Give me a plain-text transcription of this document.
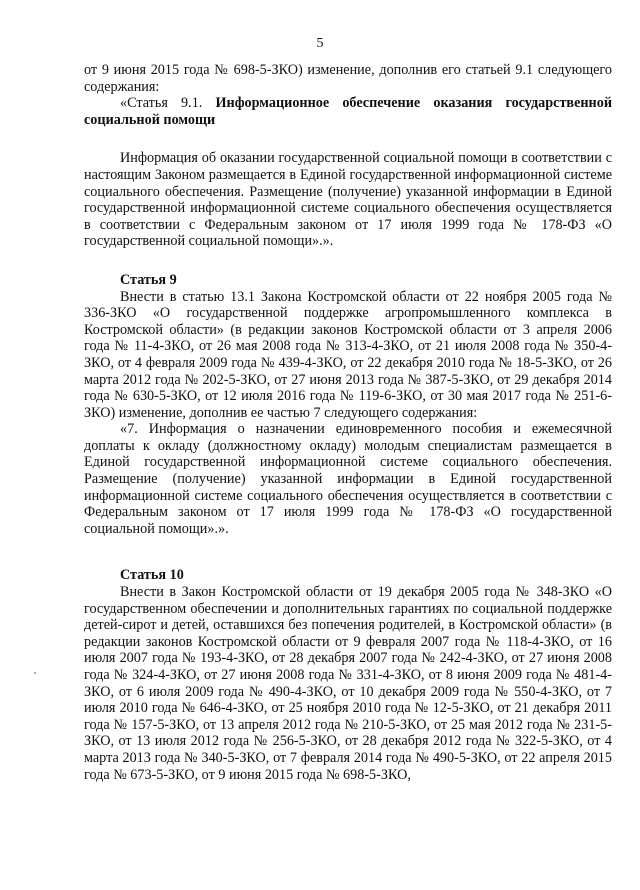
5

от 9 июня 2015 года № 698-5-ЗКО) изменение, дополнив его статьей 9.1 следующего содержания:

«Статья 9.1. Информационное обеспечение оказания государственной социальной помощи

Информация об оказании государственной социальной помощи в соответствии с настоящим Законом размещается в Единой государственной информационной системе социального обеспечения. Размещение (получение) указанной информации в Единой государственной информационной системе социального обеспечения осуществляется в соответствии с Федеральным законом от 17 июля 1999 года № 178-ФЗ «О государственной социальной помощи».».

Статья 9

Внести в статью 13.1 Закона Костромской области от 22 ноября 2005 года № 336-ЗКО «О государственной поддержке агропромышленного комплекса в Костромской области» (в редакции законов Костромской области от 3 апреля 2006 года № 11-4-ЗКО, от 26 мая 2008 года № 313-4-ЗКО, от 21 июля 2008 года № 350-4-ЗКО, от 4 февраля 2009 года № 439-4-ЗКО, от 22 декабря 2010 года № 18-5-ЗКО, от 26 марта 2012 года № 202-5-ЗКО, от 27 июня 2013 года № 387-5-ЗКО, от 29 декабря 2014 года № 630-5-ЗКО, от 12 июля 2016 года № 119-6-ЗКО, от 30 мая 2017 года № 251-6-ЗКО) изменение, дополнив ее частью 7 следующего содержания:

«7. Информация о назначении единовременного пособия и ежемесячной доплаты к окладу (должностному окладу) молодым специалистам размещается в Единой государственной информационной системе социального обеспечения. Размещение (получение) указанной информации в Единой государственной информационной системе социального обеспечения осуществляется в соответствии с Федеральным законом от 17 июля 1999 года № 178-ФЗ «О государственной социальной помощи».».

Статья 10

Внести в Закон Костромской области от 19 декабря 2005 года № 348-ЗКО «О государственном обеспечении и дополнительных гарантиях по социальной поддержке детей-сирот и детей, оставшихся без попечения родителей, в Костромской области» (в редакции законов Костромской области от 9 февраля 2007 года № 118-4-ЗКО, от 16 июля 2007 года № 193-4-ЗКО, от 28 декабря 2007 года № 242-4-ЗКО, от 27 июня 2008 года № 324-4-ЗКО, от 27 июня 2008 года № 331-4-ЗКО, от 8 июня 2009 года № 481-4-ЗКО, от 6 июля 2009 года № 490-4-ЗКО, от 10 декабря 2009 года № 550-4-ЗКО, от 7 июля 2010 года № 646-4-ЗКО, от 25 ноября 2010 года № 12-5-ЗКО, от 21 декабря 2011 года № 157-5-ЗКО, от 13 апреля 2012 года № 210-5-ЗКО, от 25 мая 2012 года № 231-5-ЗКО, от 13 июля 2012 года № 256-5-ЗКО, от 28 декабря 2012 года № 322-5-ЗКО, от 4 марта 2013 года № 340-5-ЗКО, от 7 февраля 2014 года № 490-5-ЗКО, от 22 апреля 2015 года № 673-5-ЗКО, от 9 июня 2015 года № 698-5-ЗКО,
